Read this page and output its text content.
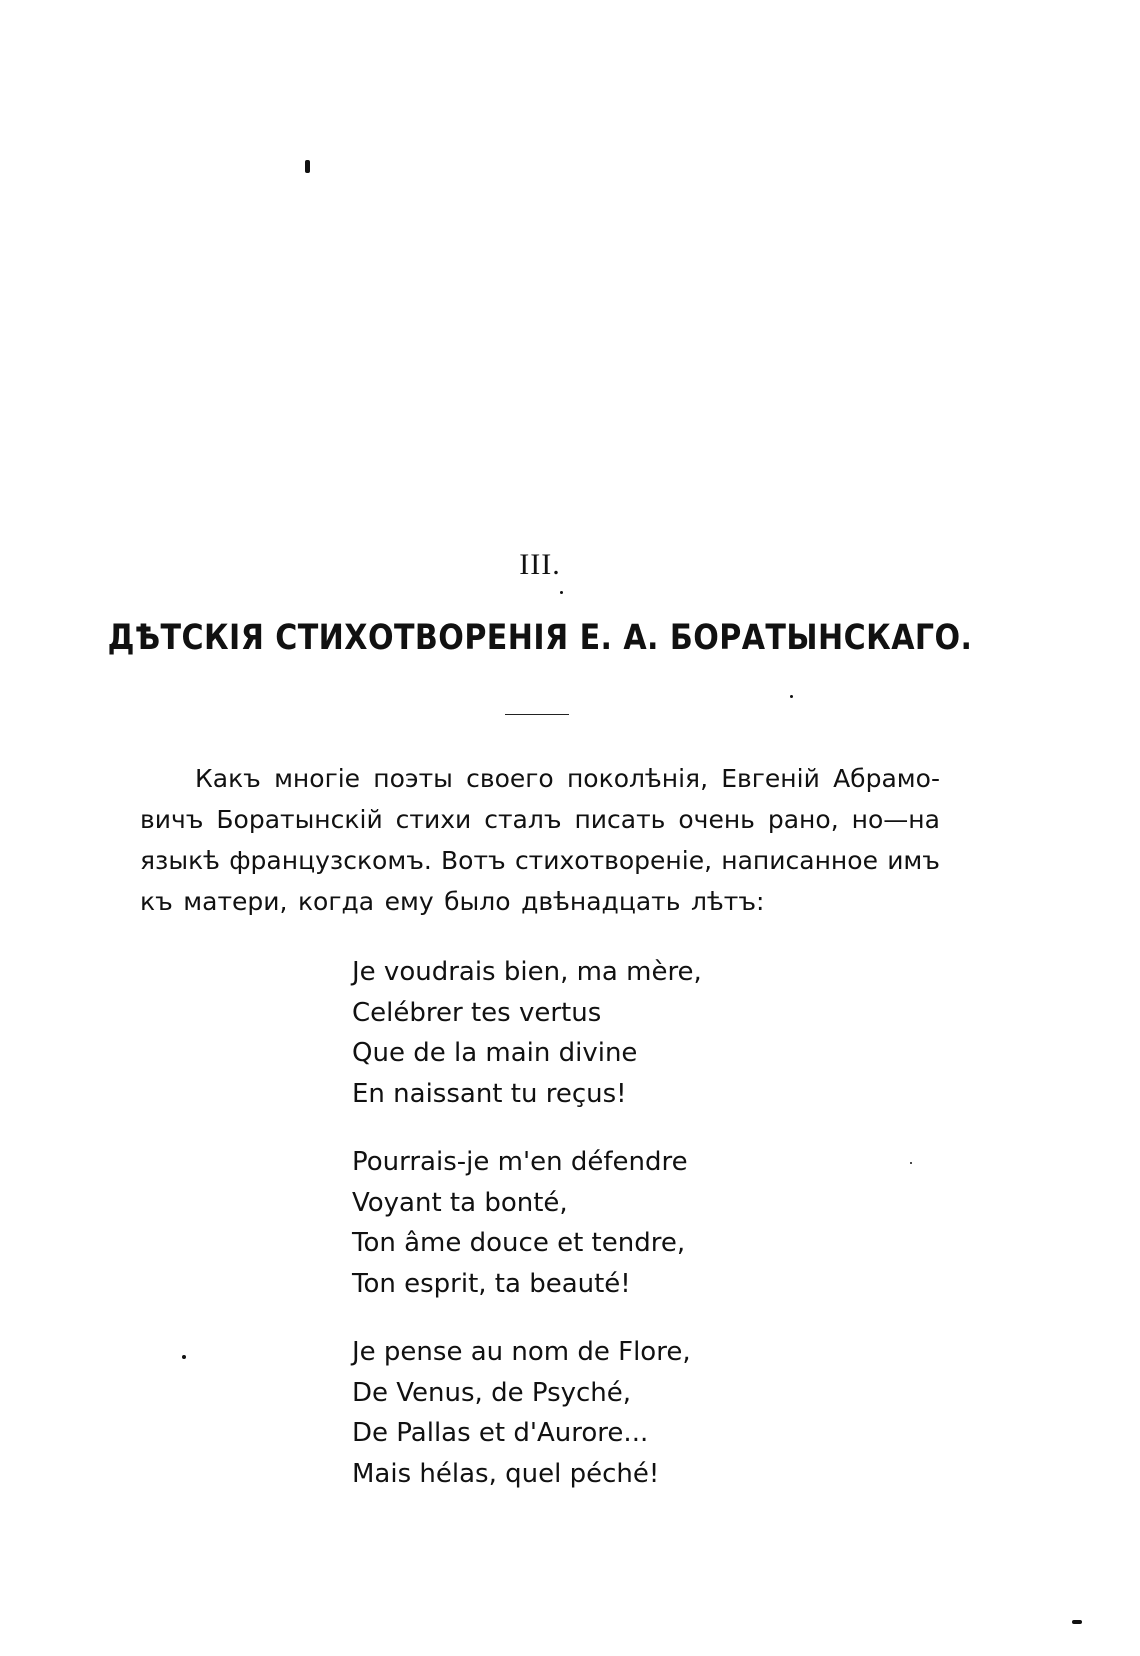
III.
ДѢТСКІЯ СТИХОТВОРЕНІЯ Е. А. БОРАТЫНСКАГО.
Какъ многіе поэты своего поколѣнія, Евгеній Абрамо-
вичъ Боратынскій стихи сталъ писать очень рано, но—на
языкѣ французскомъ. Вотъ стихотвореніе, написанное имъ
къ матери, когда ему было двѣнадцать лѣтъ:
Je voudrais bien, ma mère,
Celébrer tes vertus
Que de la main divine
En naissant tu reçus!
Pourrais-je m'en défendre
Voyant ta bonté,
Ton âme douce et tendre,
Ton esprit, ta beauté!
Je pense au nom de Flore,
De Venus, de Psyché,
De Pallas et d'Aurore...
Mais hélas, quel péché!
